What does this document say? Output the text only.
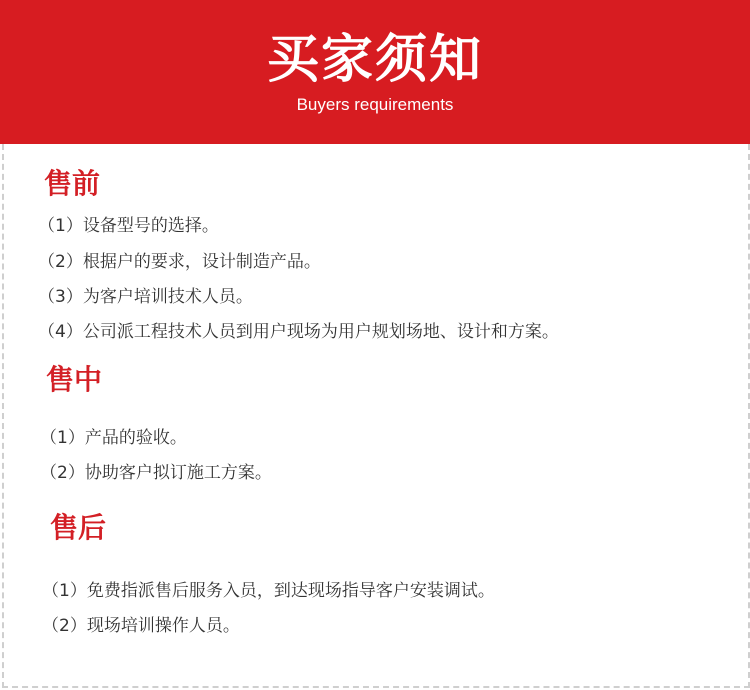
买家须知
Buyers requirements
售前
（1）设备型号的选择。
（2）根据户的要求，设计制造产品。
（3）为客户培训技术人员。
（4）公司派工程技术人员到用户现场为用户规划场地、设计和方案。
售中
（1）产品的验收。
（2）协助客户拟订施工方案。
售后
（1）免费指派售后服务入员，到达现场指导客户安装调试。
（2）现场培训操作人员。
